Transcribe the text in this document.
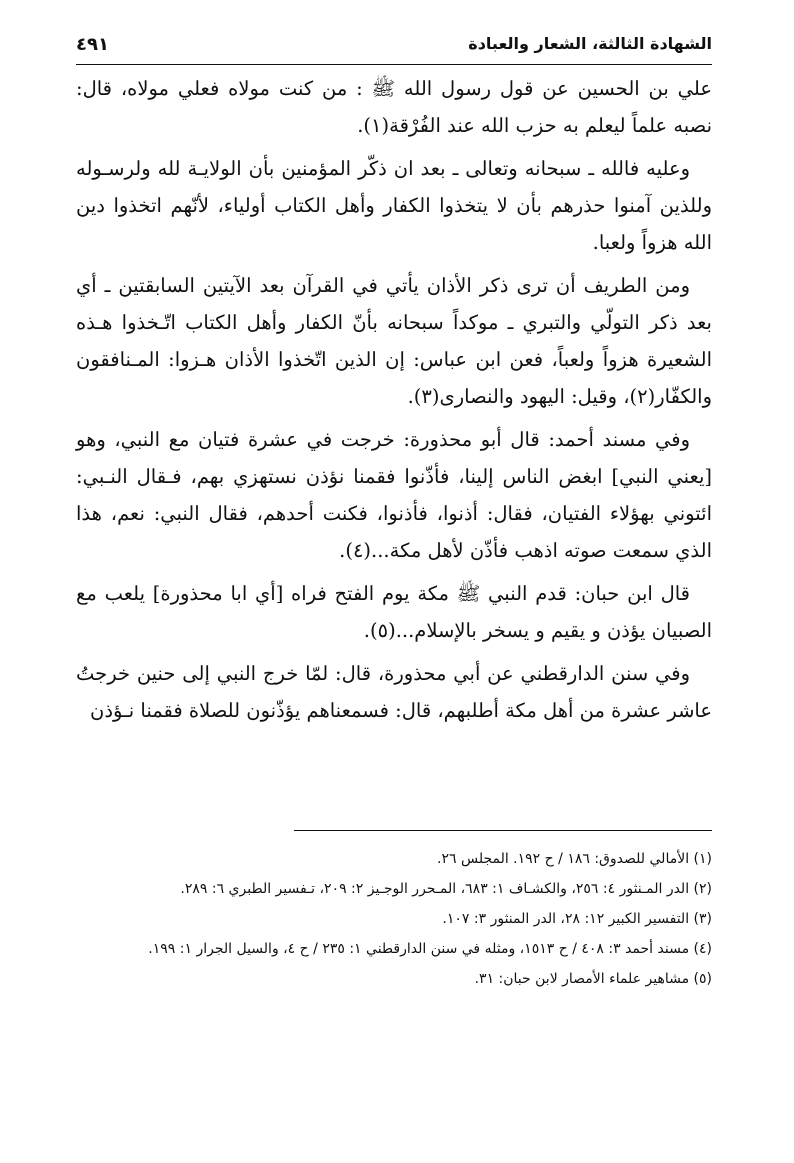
الشهادة الثالثة، الشعار والعبادة
٤٩١

علي بن الحسين عن قول رسول الله ﷺ : من كنت مولاه فعلي مولاه، قال: نصبه علماً ليعلم به حزب الله عند الفُرْقة(١).

وعليه فالله ـ سبحانه وتعالى ـ بعد ان ذكّر المؤمنين بأن الولايـة لله ولرسـوله وللذين آمنوا حذرهم بأن لا يتخذوا الكفار وأهل الكتاب أولياء، لأنّهم اتخذوا دين الله هزواً ولعبا.

ومن الطريف أن ترى ذكر الأذان يأتي في القرآن بعد الآيتين السابقتين ـ أي بعد ذكر التولّي والتبري ـ موكداً سبحانه بأنّ الكفار وأهل الكتاب اتّـخذوا هـذه الشعيرة هزواً ولعباً، فعن ابن عباس: إن الذين اتّخذوا الأذان هـزوا: المـنافقون والكفّار(٢)، وقيل: اليهود والنصارى(٣).

وفي مسند أحمد: قال أبو محذورة: خرجت في عشرة فتيان مع النبي، وهو [يعني النبي] ابغض الناس إلينا، فأذّنوا فقمنا نؤذن نستهزي بهم، فـقال النـبي: ائتوني بهؤلاء الفتيان، فقال: أذنوا، فأذنوا، فكنت أحدهم، فقال النبي: نعم، هذا الذي سمعت صوته اذهب فأذّن لأهل مكة...(٤).

قال ابن حبان: قدم النبي ﷺ مكة يوم الفتح فراه [أي ابا محذورة] يلعب مع الصبيان يؤذن و يقيم و يسخر بالإسلام...(٥).

وفي سنن الدارقطني عن أبي محذورة، قال: لمّا خرج النبي إلى حنين خرجتُ عاشر عشرة من أهل مكة أطلبهم، قال: فسمعناهم يؤذّنون للصلاة فقمنا نـؤذن

(١) الأمالي للصدوق: ١٨٦ / ح ١٩٢. المجلس ٢٦.
(٢) الدر المـنثور ٤: ٢٥٦، والكشـاف ١: ٦٨٣، المـحرر الوجـيز ٢: ٢٠٩، تـفسير الطبري ٦: ٢٨٩.
(٣) التفسير الكبير ١٢: ٢٨، الدر المنثور ٣: ١٠٧.
(٤) مسند أحمد ٣: ٤٠٨ / ح ١٥١٣، ومثله في سنن الدارقطني ١: ٢٣٥ / ح ٤، والسيل الجرار ١: ١٩٩.
(٥) مشاهير علماء الأمصار لابن حبان: ٣١.
